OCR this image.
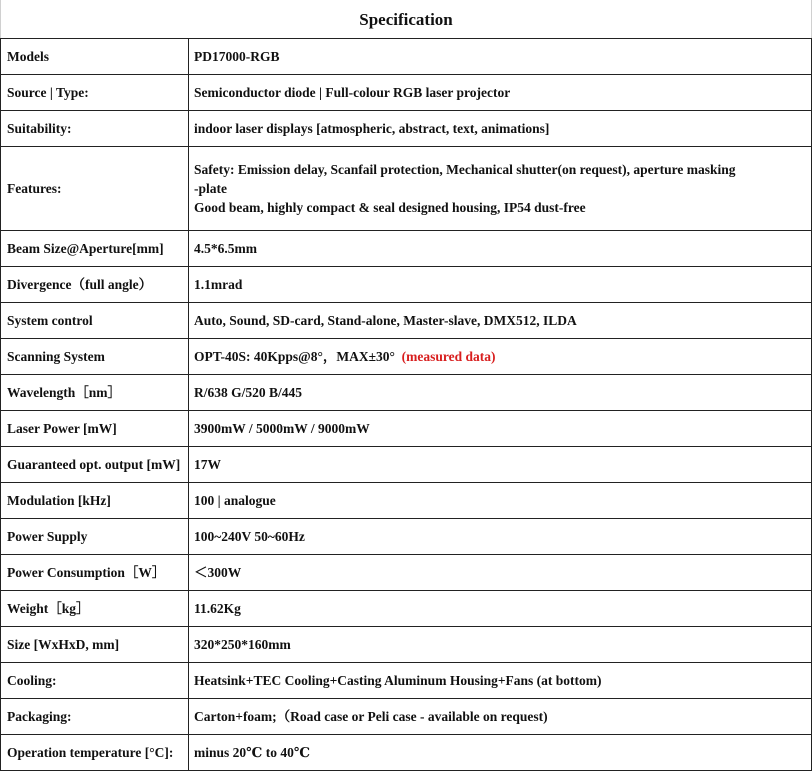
Specification
Models	PD17000-RGB
Source | Type:	Semiconductor diode | Full-colour RGB laser projector
Suitability:	indoor laser displays [atmospheric, abstract, text, animations]
Features:	Safety: Emission delay, Scanfail protection, Mechanical shutter(on request), aperture masking
-plate
Good beam, highly compact & seal designed housing, IP54 dust-free

Beam Size@Aperture[mm]	4.5*6.5mm
Divergence（full angle）	1.1mrad
System control	Auto, Sound, SD-card, Stand-alone, Master-slave, DMX512, ILDA
Scanning System	OPT-40S: 40Kpps@8°，MAX±30° (measured data)
Wavelength［nm］	R/638 G/520 B/445
Laser Power [mW]	3900mW / 5000mW / 9000mW
Guaranteed opt. output [mW]	17W
Modulation [kHz]	100 | analogue
Power Supply	100~240V 50~60Hz
Power Consumption［W］	＜300W
Weight［kg］	11.62Kg
Size [WxHxD, mm]	320*250*160mm
Cooling:	Heatsink+TEC Cooling+Casting Aluminum Housing+Fans (at bottom)
Packaging:	Carton+foam;（Road case or Peli case - available on request)
Operation temperature [°C]:	minus 20℃ to 40℃
